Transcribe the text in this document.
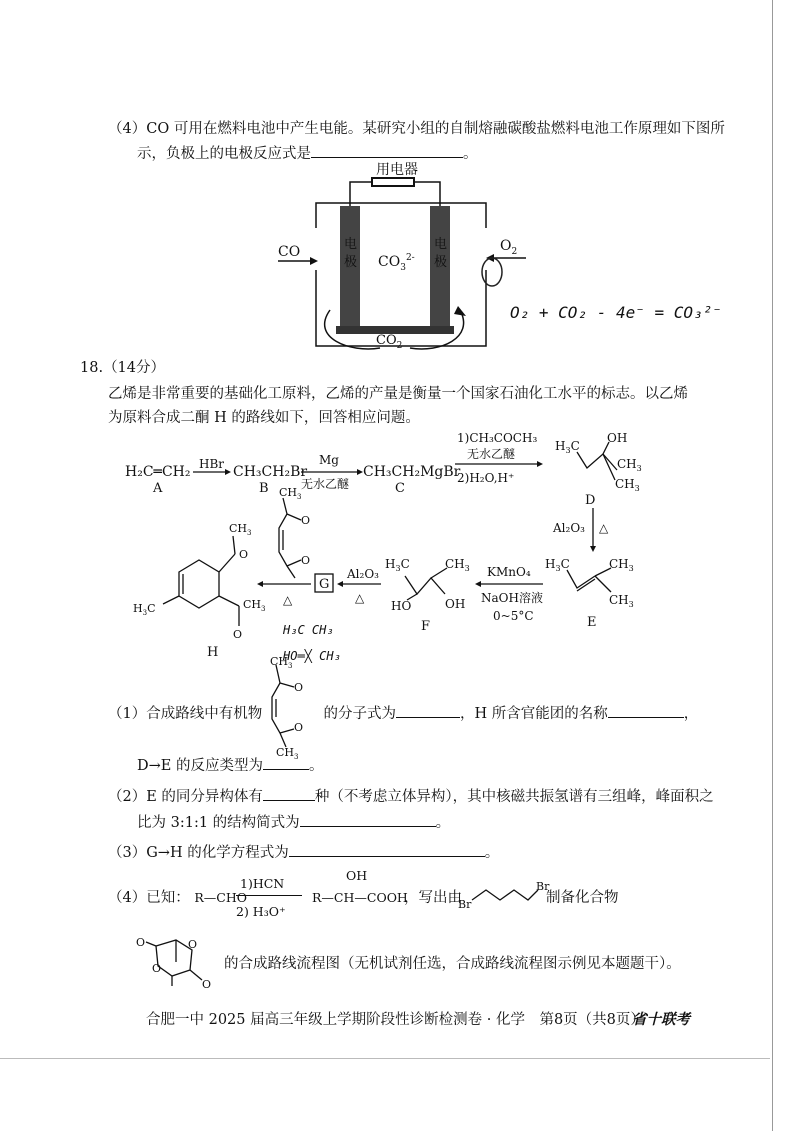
（4）CO 可用在燃料电池中产生电能。某研究小组的自制熔融碳酸盐燃料电池工作原理如下图所
示，负极上的电极反应式是	。
用电器
电
极
电
极
$CO_3^{2-}$
CO	$O_2$
$CO_2$
O₂ + CO₂ - 4e⁻ = CO₃²⁻
18.（14分）
乙烯是非常重要的基础化工原料，乙烯的产量是衡量一个国家石油化工水平的标志。以乙烯
为原料合成二酮 H 的路线如下，回答相应问题。
H₂C═CH₂
A
HBr CH₃CH₂Br
B
Mg
无水乙醚
CH₃CH₂MgBr
C
1)CH₃COCH₃
无水乙醚
2)H₂O,H⁺
$H_3C$
OH
$CH_3$
$CH_3$
D
Al₂O₃ △
$H_3C$	$CH_3$
$CH_3$
E
KMnO₄
NaOH溶液
0~5°C
$H_3C$
HO
$CH_3$
OH
F
Al₂O₃
△
G
△
$CH_3$
O
O
$CH_3$
O
$CH_3$
O
$H_3C$
H
H₃C CH₃
HO═╳ CH₃
$CH_3$
O
O
$CH_3$
（1）合成路线中有机物	的分子式为	，H 所含官能团的名称	，
D→E 的反应类型为	。
（2）E 的同分异构体有	种（不考虑立体异构），其中核磁共振氢谱有三组峰，峰面积之
比为 3:1:1 的结构简式为	。
（3）G→H 的化学方程式为	。
（4）已知： R—CHO
1)HCN
2) H₃O⁺
OH
R—CH—COOH
，写出由
Br
Br
制备化合物
O	O
O
O
的合成路线流程图（无机试剂任选，合成路线流程图示例见本题题干）。
合肥一中 2025 届高三年级上学期阶段性诊断检测卷 · 化学　第8页（共8页）
省十联考
